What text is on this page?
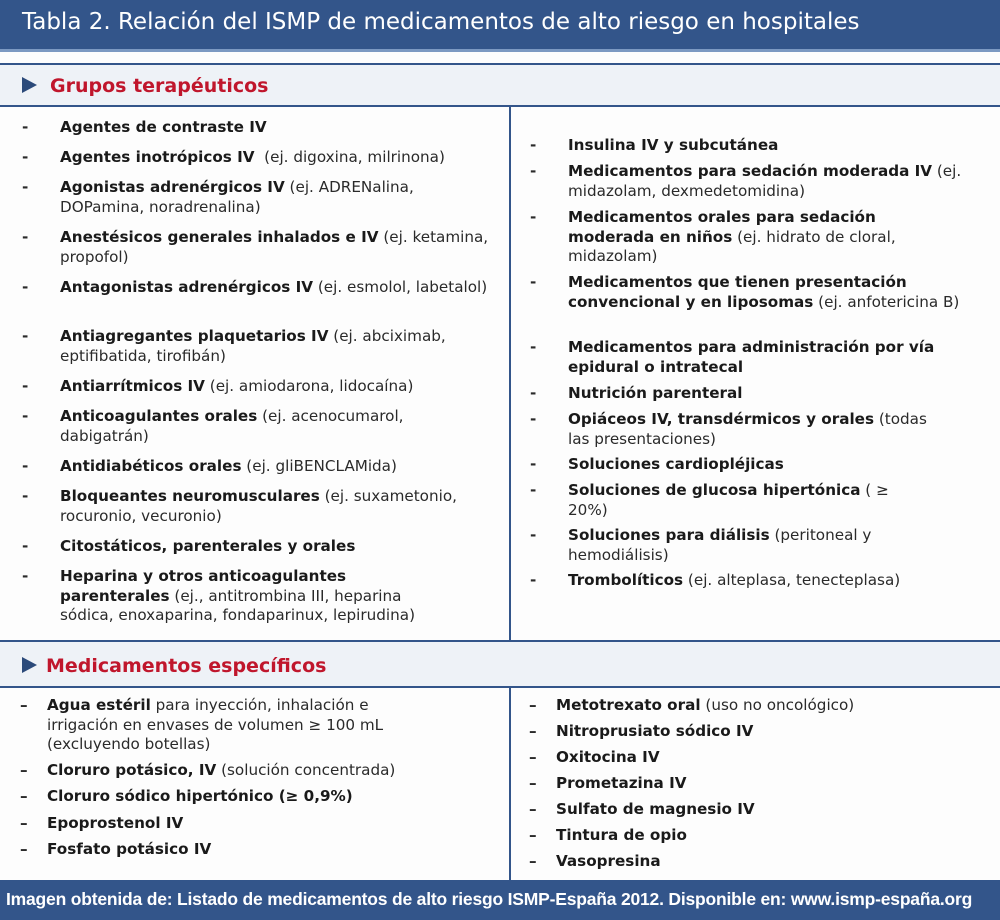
Tabla 2. Relación del ISMP de medicamentos de alto riesgo en hospitales
Grupos terapéuticos
-	Agentes de contraste IV
-	Agentes inotrópicos IV  (ej. digoxina, milrinona)
-	Agonistas adrenérgicos IV (ej. ADRENalina, DOPamina, noradrenalina)
-	Anestésicos generales inhalados e IV (ej. ketamina, propofol)
-	Antagonistas adrenérgicos IV (ej. esmolol, labetalol)
-	Antiagregantes plaquetarios IV (ej. abciximab, eptifibatida, tirofibán)
-	Antiarrítmicos IV (ej. amiodarona, lidocaína)
-	Anticoagulantes orales (ej. acenocumarol, dabigatrán)
-	Antidiabéticos orales (ej. gliBENCLAMida)
-	Bloqueantes neuromusculares (ej. suxametonio, rocuronio, vecuronio)
-	Citostáticos, parenterales y orales
-	Heparina y otros anticoagulantes parenterales (ej., antitrombina III, heparina sódica, enoxaparina, fondaparinux, lepirudina)
-	Insulina IV y subcutánea
-	Medicamentos para sedación moderada IV (ej. midazolam, dexmedetomidina)
-	Medicamentos orales para sedación moderada en niños (ej. hidrato de cloral, midazolam)
-	Medicamentos que tienen presentación convencional y en liposomas (ej. anfotericina B)
-	Medicamentos para administración por vía epidural o intratecal
-	Nutrición parenteral
-	Opiáceos IV, transdérmicos y orales (todas las presentaciones)
-	Soluciones cardiopléjicas
-	Soluciones de glucosa hipertónica ( ≥ 20%)
-	Soluciones para diálisis (peritoneal y hemodiálisis)
-	Trombolíticos (ej. alteplasa, tenecteplasa)
Medicamentos específicos
–	Agua estéril para inyección, inhalación e irrigación en envases de volumen ≥ 100 mL (excluyendo botellas)
–	Cloruro potásico, IV (solución concentrada)
–	Cloruro sódico hipertónico (≥ 0,9%)
–	Epoprostenol IV
–	Fosfato potásico IV
–	Metotrexato oral (uso no oncológico)
–	Nitroprusiato sódico IV
–	Oxitocina IV
–	Prometazina IV
–	Sulfato de magnesio IV
–	Tintura de opio
–	Vasopresina
Imagen obtenida de: Listado de medicamentos de alto riesgo ISMP-España 2012. Disponible en: www.ismp-españa.org
